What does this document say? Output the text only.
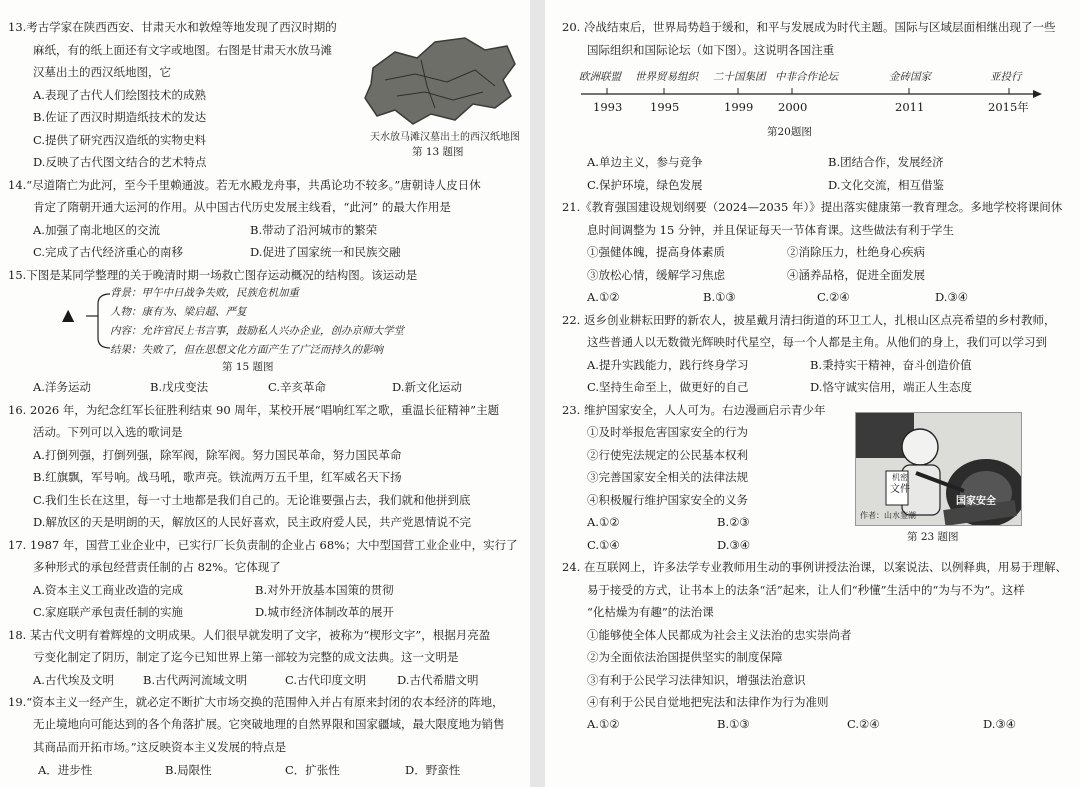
13.考古学家在陕西西安、甘肃天水和敦煌等地发现了西汉时期的
麻纸，有的纸上面还有文字或地图。右图是甘肃天水放马滩
汉墓出土的西汉纸地图，它
A.表现了古代人们绘图技术的成熟
B.佐证了西汉时期造纸技术的发达
C.提供了研究西汉造纸的实物史料
D.反映了古代图文结合的艺术特点
天水放马滩汉墓出土的西汉纸地图
第 13 题图
14.“尽道隋亡为此河，至今千里赖通波。若无水殿龙舟事，共禹论功不较多。”唐朝诗人皮日休
肯定了隋朝开通大运河的作用。从中国古代历史发展主线看，“此河” 的最大作用是
A.加强了南北地区的交流	B.带动了沿河城市的繁荣
C.完成了古代经济重心的南移	D.促进了国家统一和民族交融
15.下图是某同学整理的关于晚清时期一场救亡图存运动概况的结构图。该运动是
▲
背景：甲午中日战争失败，民族危机加重
人物：康有为、梁启超、严复
内容：允许官民上书言事，鼓励私人兴办企业，创办京师大学堂
结果：失败了，但在思想文化方面产生了广泛而持久的影响
第 15 题图
A.洋务运动	B.戊戌变法	C.辛亥革命	D.新文化运动
16. 2026 年，为纪念红军长征胜利结束 90 周年，某校开展“唱响红军之歌，重温长征精神”主题
活动。下列可以入选的歌词是
A.打倒列强，打倒列强，除军阀，除军阀。努力国民革命，努力国民革命
B.红旗飘，军号响。战马吼，歌声亮。铁流两万五千里，红军威名天下扬
C.我们生长在这里，每一寸土地都是我们自己的。无论谁要强占去，我们就和他拼到底
D.解放区的天是明朗的天，解放区的人民好喜欢，民主政府爱人民，共产党恩情说不完
17. 1987 年，国营工业企业中，已实行厂长负责制的企业占 68%；大中型国营工业企业中，实行了
多种形式的承包经营责任制的占 82%。它体现了
A.资本主义工商业改造的完成	B.对外开放基本国策的贯彻
C.家庭联产承包责任制的实施	D.城市经济体制改革的展开
18. 某古代文明有着辉煌的文明成果。人们很早就发明了文字，被称为“楔形文字”，根据月亮盈
亏变化制定了阴历，制定了迄今已知世界上第一部较为完整的成文法典。这一文明是
A.古代埃及文明	B.古代两河流域文明	C.古代印度文明	D.古代希腊文明
19.“资本主义一经产生，就必定不断扩大市场交换的范围伸入并占有原来封闭的农本经济的阵地，
无止境地向可能达到的各个角落扩展。它突破地理的自然界限和国家疆域，最大限度地为销售
其商品而开拓市场。”这反映资本主义发展的特点是
A．进步性	B.局限性	C．扩张性	D．野蛮性
20. 冷战结束后，世界局势趋于缓和，和平与发展成为时代主题。国际与区域层面相继出现了一些
国际组织和国际论坛（如下图）。这说明各国注重
欧洲联盟 世界贸易组织 二十国集团 中非合作论坛	金砖国家	亚投行
1993 1995	1999 2000	2011	2015年
第20题图
A.单边主义，参与竞争	B.团结合作，发展经济
C.保护环境，绿色发展	D.文化交流，相互借鉴
21.《教育强国建设规划纲要（2024—2035 年）》提出落实健康第一教育理念。多地学校将课间休
息时间调整为 15 分钟，并且保证每天一节体育课。这些做法有利于学生
①强健体魄，提高身体素质	②消除压力，杜绝身心疾病
③放松心情，缓解学习焦虑	④涵养品格，促进全面发展
A.①②	B.①③	C.②④	D.③④
22. 返乡创业耕耘田野的新农人，披星戴月清扫街道的环卫工人，扎根山区点亮希望的乡村教师，
这些普通人以无数微光辉映时代星空，每一个人都是主角。从他们的身上，我们可以学习到
A.提升实践能力，践行终身学习	B.秉持实干精神，奋斗创造价值
C.坚持生命至上，做更好的自己	D.恪守诚实信用，端正人生态度
23. 维护国家安全，人人可为。右边漫画启示青少年
①及时举报危害国家安全的行为
②行使宪法规定的公民基本权利
③完善国家安全相关的法律法规
④积极履行维护国家安全的义务
A.①②	B.②③
C.①④	D.③④
国家安全
文件
机密
作者：山水鉴潮
第 23 题图
24. 在互联网上，许多法学专业教师用生动的事例讲授法治课，以案说法、以例释典，用易于理解、
易于接受的方式，让书本上的法条“活”起来，让人们“秒懂”生活中的“为与不为”。这样
“化枯燥为有趣”的法治课
①能够使全体人民都成为社会主义法治的忠实崇尚者
②为全面依法治国提供坚实的制度保障
③有利于公民学习法律知识，增强法治意识
④有利于公民自觉地把宪法和法律作为行为准则
A.①②	B.①③	C.②④	D.③④
